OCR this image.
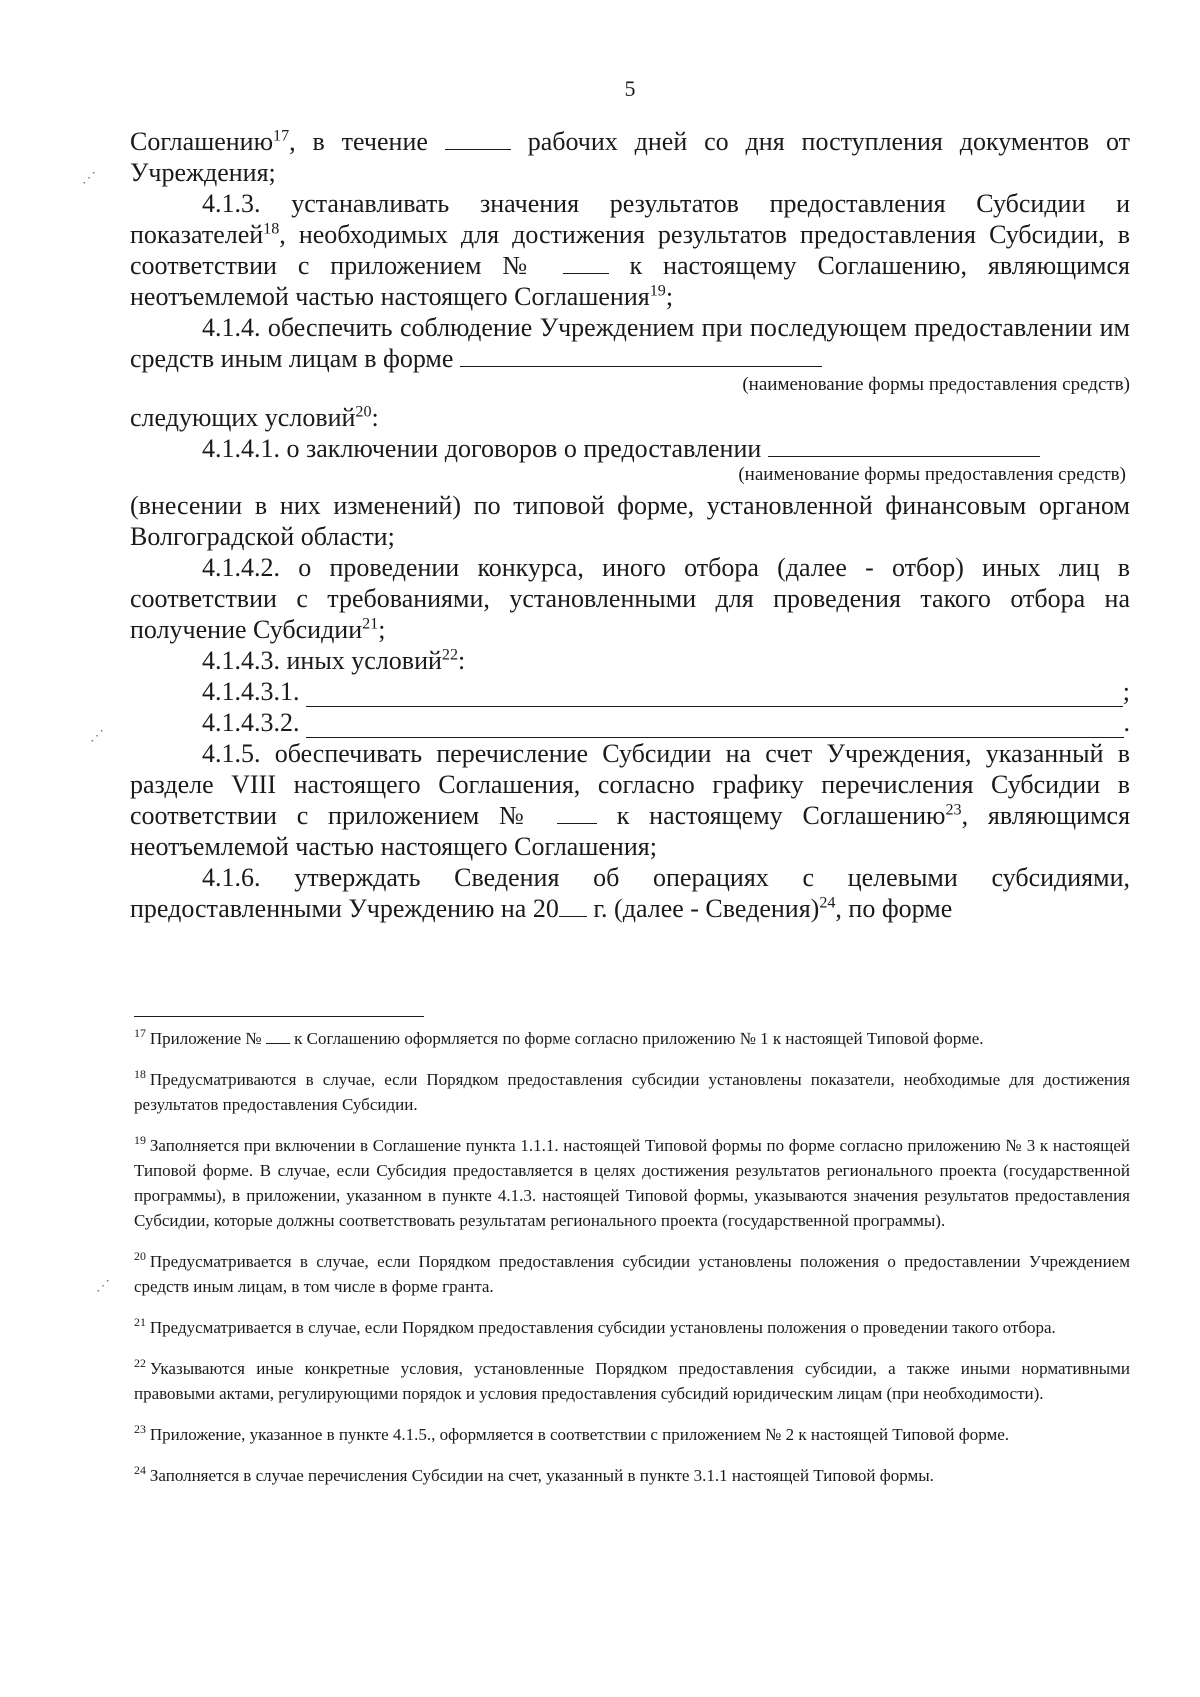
5

Соглашению$^{17}$, в течение	рабочих дней со дня поступления документов от Учреждения;

4.1.3. устанавливать значения результатов предоставления Субсидии и показателей$^{18}$, необходимых для достижения результатов предоставления Субсидии, в соответствии с приложением №	к настоящему Соглашению, являющимся неотъемлемой частью настоящего Соглашения$^{19}$;

4.1.4. обеспечить соблюдение Учреждением при последующем предоставлении им средств иным лицам в форме

(наименование формы предоставления средств)

следующих условий$^{20}$:

4.1.4.1. о заключении договоров о предоставлении

(наименование формы предоставления средств)

(внесении в них изменений) по типовой форме, установленной финансовым органом Волгоградской области;

4.1.4.2. о проведении конкурса, иного отбора (далее - отбор) иных лиц в соответствии с требованиями, установленными для проведения такого отбора на получение Субсидии$^{21}$;

4.1.4.3. иных условий$^{22}$:

4.1.4.3.1.	;
4.1.4.3.2.	.

4.1.5. обеспечивать перечисление Субсидии на счет Учреждения, указанный в разделе VIII настоящего Соглашения, согласно графику перечисления Субсидии в соответствии с приложением №	к настоящему Соглашению$^{23}$, являющимся неотъемлемой частью настоящего Соглашения;

4.1.6. утверждать Сведения об операциях с целевыми субсидиями, предоставленными Учреждению на 20 г. (далее - Сведения)$^{24}$, по форме

$^{17}$ Приложение № к Соглашению оформляется по форме согласно приложению № 1 к настоящей Типовой форме.

$^{18}$ Предусматриваются в случае, если Порядком предоставления субсидии установлены показатели, необходимые для достижения результатов предоставления Субсидии.

$^{19}$ Заполняется при включении в Соглашение пункта 1.1.1. настоящей Типовой формы по форме согласно приложению № 3 к настоящей Типовой форме. В случае, если Субсидия предоставляется в целях достижения результатов регионального проекта (государственной программы), в приложении, указанном в пункте 4.1.3. настоящей Типовой формы, указываются значения результатов предоставления Субсидии, которые должны соответствовать результатам регионального проекта (государственной программы).

$^{20}$ Предусматривается в случае, если Порядком предоставления субсидии установлены положения о предоставлении Учреждением средств иным лицам, в том числе в форме гранта.

$^{21}$ Предусматривается в случае, если Порядком предоставления субсидии установлены положения о проведении такого отбора.

$^{22}$ Указываются иные конкретные условия, установленные Порядком предоставления субсидии, а также иными нормативными правовыми актами, регулирующими порядок и условия предоставления субсидий юридическим лицам (при необходимости).

$^{23}$ Приложение, указанное в пункте 4.1.5., оформляется в соответствии с приложением № 2 к настоящей Типовой форме.

$^{24}$ Заполняется в случае перечисления Субсидии на счет, указанный в пункте 3.1.1 настоящей Типовой формы.

⋰
⋰
⋰
